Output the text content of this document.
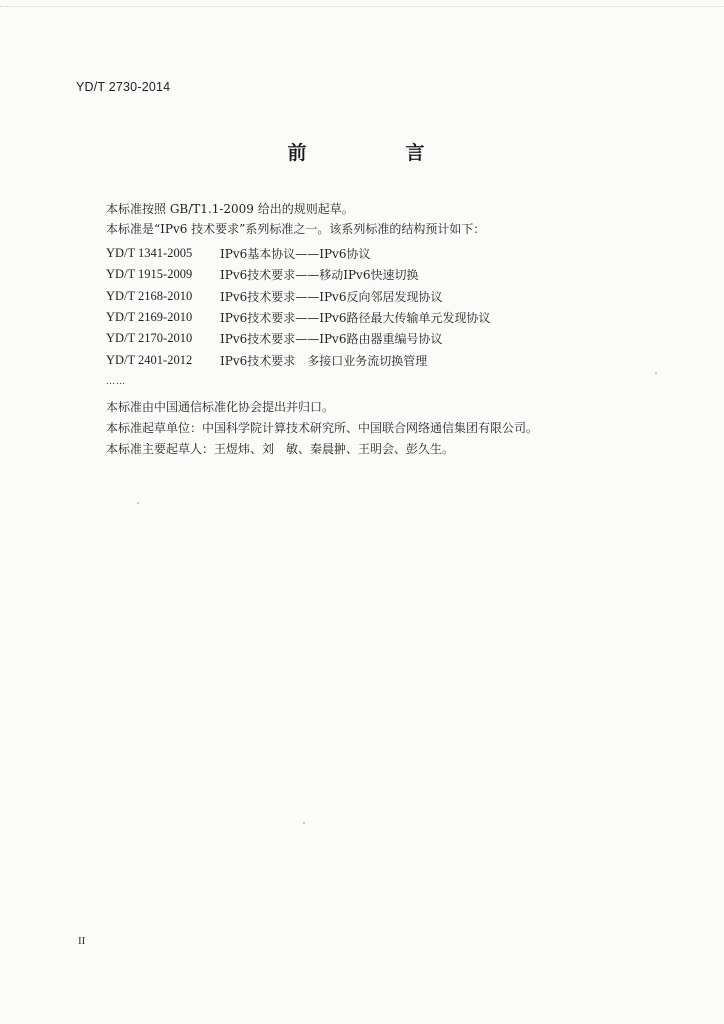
YD/T 2730-2014
前　言
本标准按照 GB/T1.1-2009 给出的规则起草。
本标准是“IPv6 技术要求”系列标准之一。该系列标准的结构预计如下：
YD/T 1341-2005	IPv6基本协议——IPv6协议
YD/T 1915-2009	IPv6技术要求——移动IPv6快速切换
YD/T 2168-2010	IPv6技术要求——IPv6反向邻居发现协议
YD/T 2169-2010	IPv6技术要求——IPv6路径最大传输单元发现协议
YD/T 2170-2010	IPv6技术要求——IPv6路由器重编号协议
YD/T 2401-2012	IPv6技术要求　多接口业务流切换管理
……
本标准由中国通信标准化协会提出并归口。
本标准起草单位：中国科学院计算技术研究所、中国联合网络通信集团有限公司。
本标准主要起草人：王煜炜、刘　敏、秦晨翀、王明会、彭久生。
II
